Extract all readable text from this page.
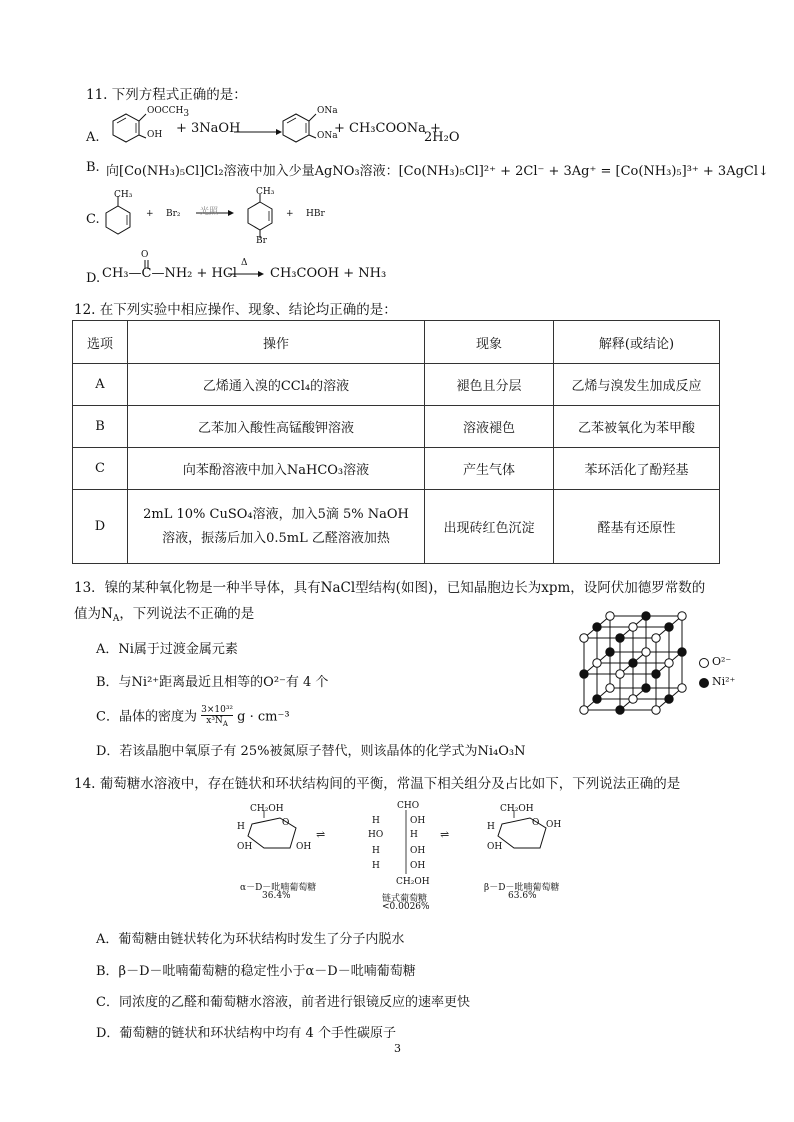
11. 下列方程式正确的是：
A.
OOCCH3
OH + 3NaOH
ONa
ONa
+ CH₃COONa +
2H₂O
B. 向[Co(NH₃)₅Cl]Cl₂溶液中加入少量AgNO₃溶液：[Co(NH₃)₅Cl]²⁺ + 2Cl⁻ + 3Ag⁺ = [Co(NH₃)₅]³⁺ + 3AgCl↓
C.
CH₃
+ Br₂ 光照
CH₃
Br
+ HBr
O
D. CH₃—C—NH₂ + HCl
Δ
CH₃COOH + NH₃
12. 在下列实验中相应操作、现象、结论均正确的是：
选项	操作	现象	解释(或结论)
A	乙烯通入溴的CCl₄的溶液	褪色且分层	乙烯与溴发生加成反应
B	乙苯加入酸性高锰酸钾溶液	溶液褪色	乙苯被氧化为苯甲酸
C	向苯酚溶液中加入NaHCO₃溶液	产生气体	苯环活化了酚羟基
D	2mL 10% CuSO₄溶液，加入5滴 5% NaOH
溶液，振荡后加入0.5mL 乙醛溶液加热	出现砖红色沉淀	醛基有还原性
13．镍的某种氧化物是一种半导体，具有NaCl型结构(如图)，已知晶胞边长为xpm，设阿伏加德罗常数的
值为$N_A$，下列说法不正确的是
A．Ni属于过渡金属元素
B．与Ni²⁺距离最近且相等的O²⁻有 4 个
C．晶体的密度为 $\frac{\text{3×10³²}}{x^3N_A}$ g · cm⁻³
D．若该晶胞中氧原子有 25%被氮原子替代，则该晶体的化学式为Ni₄O₃N
O²⁻
Ni²⁺
14. 葡萄糖水溶液中，存在链状和环状结构间的平衡，常温下相关组分及占比如下，下列说法正确的是
CH₂OH
H	O
OH	OH
α－D－吡喃葡萄糖
36.4%
⇌	⇌
CHO
H	OH
HO	H
H	OH
H	OH
CH₂OH
链式葡萄糖
<0.0026%
CH₂OH
H	O OH
OH
β－D－吡喃葡萄糖
63.6%
A．葡萄糖由链状转化为环状结构时发生了分子内脱水
B．β－D－吡喃葡萄糖的稳定性小于α－D－吡喃葡萄糖
C．同浓度的乙醛和葡萄糖水溶液，前者进行银镜反应的速率更快
D．葡萄糖的链状和环状结构中均有 4 个手性碳原子
3
